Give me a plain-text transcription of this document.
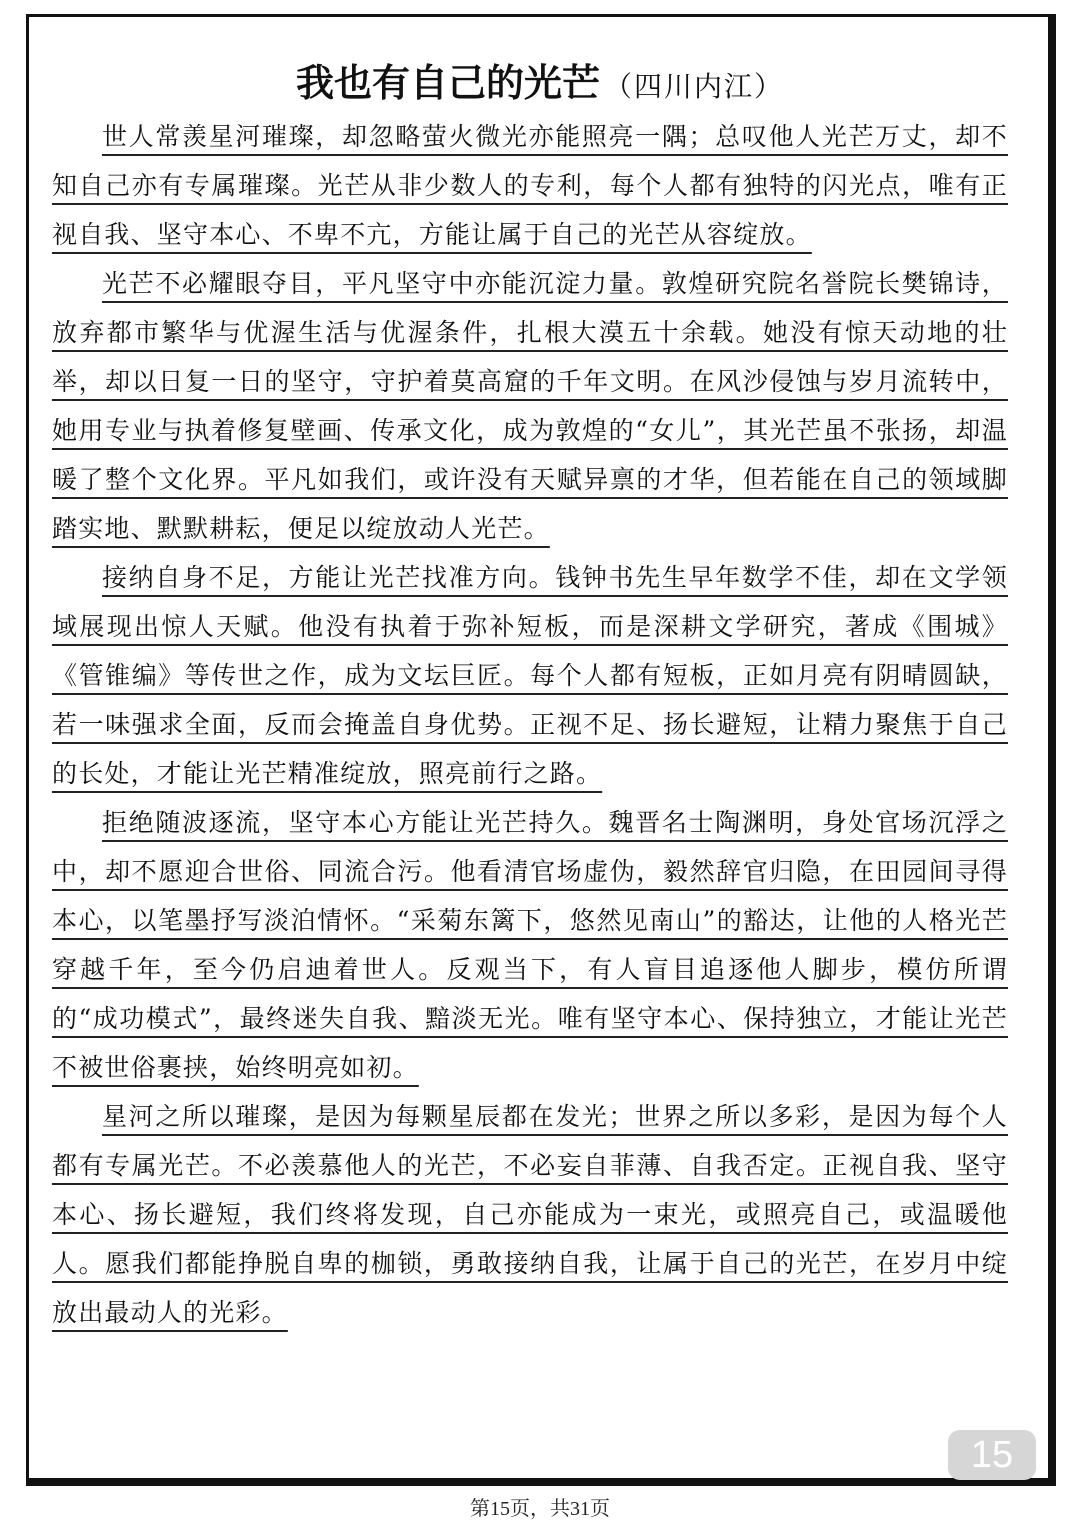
我也有自己的光芒 （四川内江）

世人常羡星河璀璨，却忽略萤火微光亦能照亮一隅；总叹他人光芒万丈，却不知自己亦有专属璀璨。光芒从非少数人的专利，每个人都有独特的闪光点，唯有正视自我、坚守本心、不卑不亢，方能让属于自己的光芒从容绽放。

光芒不必耀眼夺目，平凡坚守中亦能沉淀力量。敦煌研究院名誉院长樊锦诗，放弃都市繁华与优渥生活与优渥条件，扎根大漠五十余载。她没有惊天动地的壮举，却以日复一日的坚守，守护着莫高窟的千年文明。在风沙侵蚀与岁月流转中，她用专业与执着修复壁画、传承文化，成为敦煌的“女儿”，其光芒虽不张扬，却温暖了整个文化界。平凡如我们，或许没有天赋异禀的才华，但若能在自己的领域脚踏实地、默默耕耘，便足以绽放动人光芒。

接纳自身不足，方能让光芒找准方向。钱钟书先生早年数学不佳，却在文学领域展现出惊人天赋。他没有执着于弥补短板，而是深耕文学研究，著成《围城》《管锥编》等传世之作，成为文坛巨匠。每个人都有短板，正如月亮有阴晴圆缺，若一味强求全面，反而会掩盖自身优势。正视不足、扬长避短，让精力聚焦于自己的长处，才能让光芒精准绽放，照亮前行之路。

拒绝随波逐流，坚守本心方能让光芒持久。魏晋名士陶渊明，身处官场沉浮之中，却不愿迎合世俗、同流合污。他看清官场虚伪，毅然辞官归隐，在田园间寻得本心，以笔墨抒写淡泊情怀。“采菊东篱下，悠然见南山”的豁达，让他的人格光芒穿越千年，至今仍启迪着世人。反观当下，有人盲目追逐他人脚步，模仿所谓的“成功模式”，最终迷失自我、黯淡无光。唯有坚守本心、保持独立，才能让光芒不被世俗裹挟，始终明亮如初。

星河之所以璀璨，是因为每颗星辰都在发光；世界之所以多彩，是因为每个人都有专属光芒。不必羡慕他人的光芒，不必妄自菲薄、自我否定。正视自我、坚守本心、扬长避短，我们终将发现，自己亦能成为一束光，或照亮自己，或温暖他人。愿我们都能挣脱自卑的枷锁，勇敢接纳自我，让属于自己的光芒，在岁月中绽放出最动人的光彩。

15
第15页，共31页
